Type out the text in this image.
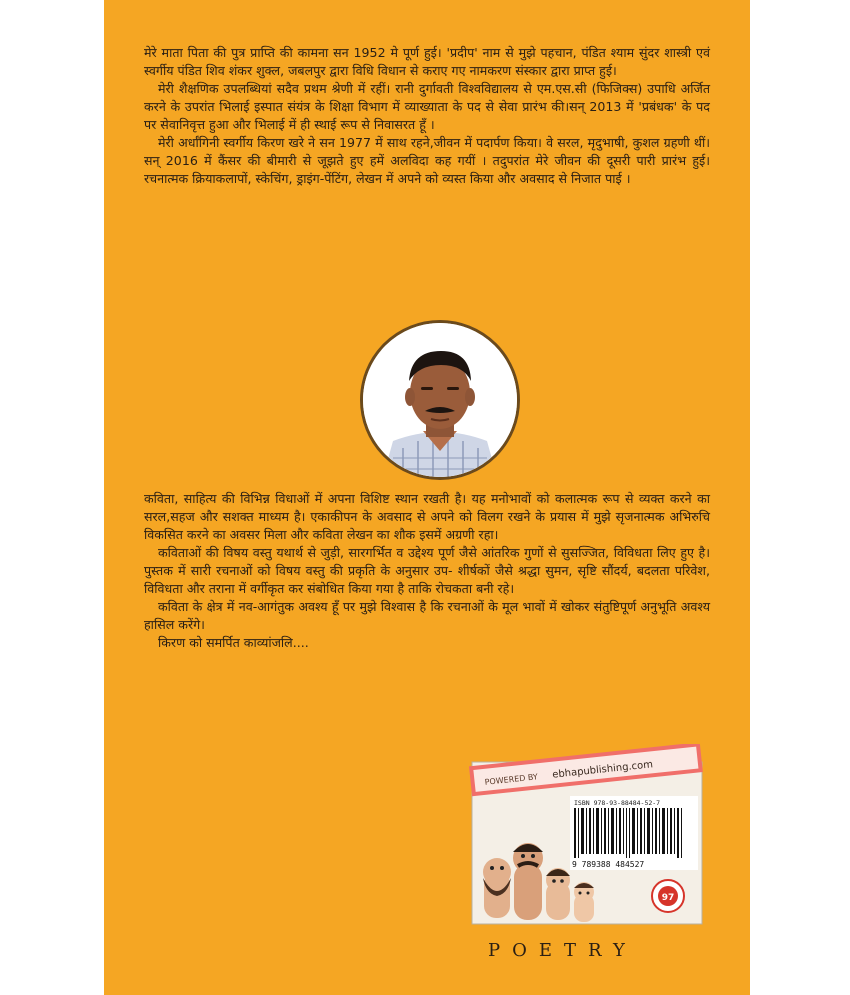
मेरे माता पिता की पुत्र प्राप्ति की कामना सन 1952 मे पूर्ण हुई। 'प्रदीप' नाम से मुझे पहचान, पंडित श्याम सुंदर शास्त्री एवं स्वर्गीय पंडित शिव शंकर शुक्ल, जबलपुर द्वारा विधि विधान से कराए गए नामकरण संस्कार द्वारा प्राप्त हुई।

मेरी शैक्षणिक उपलब्धियां सदैव प्रथम श्रेणी में रहीं। रानी दुर्गावती विश्वविद्यालय से एम.एस.सी (फिजिक्स) उपाधि अर्जित करने के उपरांत भिलाई इस्पात संयंत्र के शिक्षा विभाग में व्याख्याता के पद से सेवा प्रारंभ की।सन् 2013 में 'प्रबंधक' के पद पर सेवानिवृत्त हुआ और भिलाई में ही स्थाई रूप से निवासरत हूँ ।

मेरी अर्धांगिनी स्वर्गीय किरण खरे ने सन 1977 में साथ रहने,जीवन में पदार्पण किया। वे सरल, मृदुभाषी, कुशल ग्रहणी थीं। सन् 2016 में कैंसर की बीमारी से जूझते हुए हमें अलविदा कह गयीं । तदुपरांत मेरे जीवन की दूसरी पारी प्रारंभ हुई। रचनात्मक क्रियाकलापों, स्केचिंग, ड्राइंग-पेंटिंग, लेखन में अपने को व्यस्त किया और अवसाद से निजात पाई ।

कविता, साहित्य की विभिन्न विधाओं में अपना विशिष्ट स्थान रखती है। यह मनोभावों को कलात्मक रूप से व्यक्त करने का सरल,सहज और सशक्त माध्यम है। एकाकीपन के अवसाद से अपने को विलग रखने के प्रयास में मुझे सृजनात्मक अभिरुचि विकसित करने का अवसर मिला और कविता लेखन का शौक इसमें अग्रणी रहा।

कविताओं की विषय वस्तु यथार्थ से जुड़ी, सारगर्भित व उद्देश्य पूर्ण जैसे आंतरिक गुणों से सुसज्जित, विविधता लिए हुए है। पुस्तक में सारी रचनाओं को विषय वस्तु की प्रकृति के अनुसार उप- शीर्षकों जैसे श्रद्धा सुमन, सृष्टि सौंदर्य, बदलता परिवेश, विविधता और तराना में वर्गीकृत कर संबोधित किया गया है ताकि रोचकता बनी रहे।

कविता के क्षेत्र में नव-आगंतुक अवश्य हूँ पर मुझे विश्वास है कि रचनाओं के मूल भावों में खोकर संतुष्टिपूर्ण अनुभूति अवश्य हासिल करेंगे।

किरण को समर्पित काव्यांजलि....

POWERED BY ebhapublishing.com
ISBN 978-93-88484-52-7
9 789388 484527
97
POETRY
